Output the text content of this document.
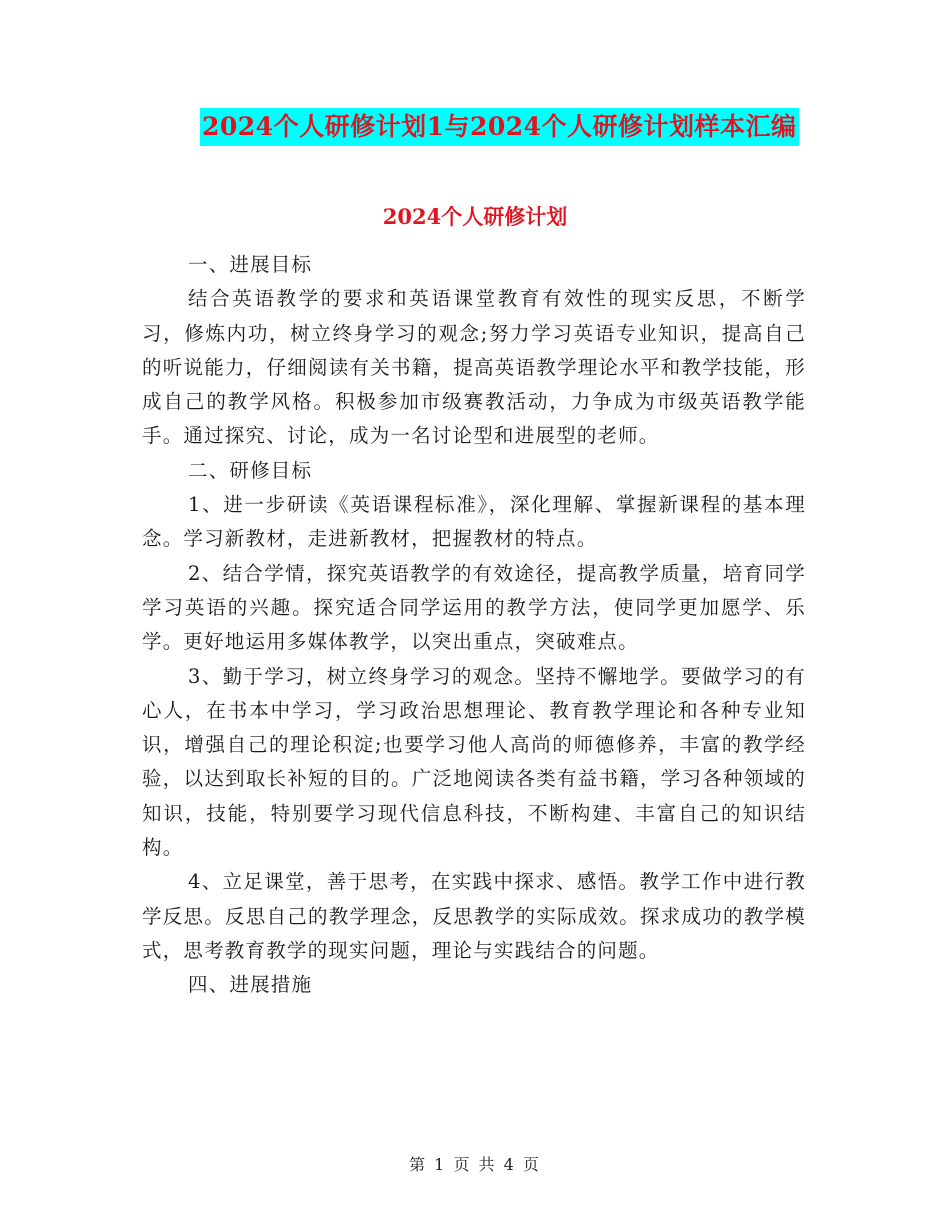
2024个人研修计划1与2024个人研修计划样本汇编
2024个人研修计划

一、进展目标

结合英语教学的要求和英语课堂教育有效性的现实反思，不断学习，修炼内功，树立终身学习的观念;努力学习英语专业知识，提高自己的听说能力，仔细阅读有关书籍，提高英语教学理论水平和教学技能，形成自己的教学风格。积极参加市级赛教活动，力争成为市级英语教学能手。通过探究、讨论，成为一名讨论型和进展型的老师。

二、研修目标

1、进一步研读《英语课程标准》，深化理解、掌握新课程的基本理念。学习新教材，走进新教材，把握教材的特点。

2、结合学情，探究英语教学的有效途径，提高教学质量，培育同学学习英语的兴趣。探究适合同学运用的教学方法，使同学更加愿学、乐学。更好地运用多媒体教学，以突出重点，突破难点。

3、勤于学习，树立终身学习的观念。坚持不懈地学。要做学习的有心人，在书本中学习，学习政治思想理论、教育教学理论和各种专业知识，增强自己的理论积淀;也要学习他人高尚的师德修养，丰富的教学经验，以达到取长补短的目的。广泛地阅读各类有益书籍，学习各种领域的知识，技能，特别要学习现代信息科技，不断构建、丰富自己的知识结构。

4、立足课堂，善于思考，在实践中探求、感悟。教学工作中进行教学反思。反思自己的教学理念，反思教学的实际成效。探求成功的教学模式，思考教育教学的现实问题，理论与实践结合的问题。

四、进展措施

第 1 页 共 4 页
